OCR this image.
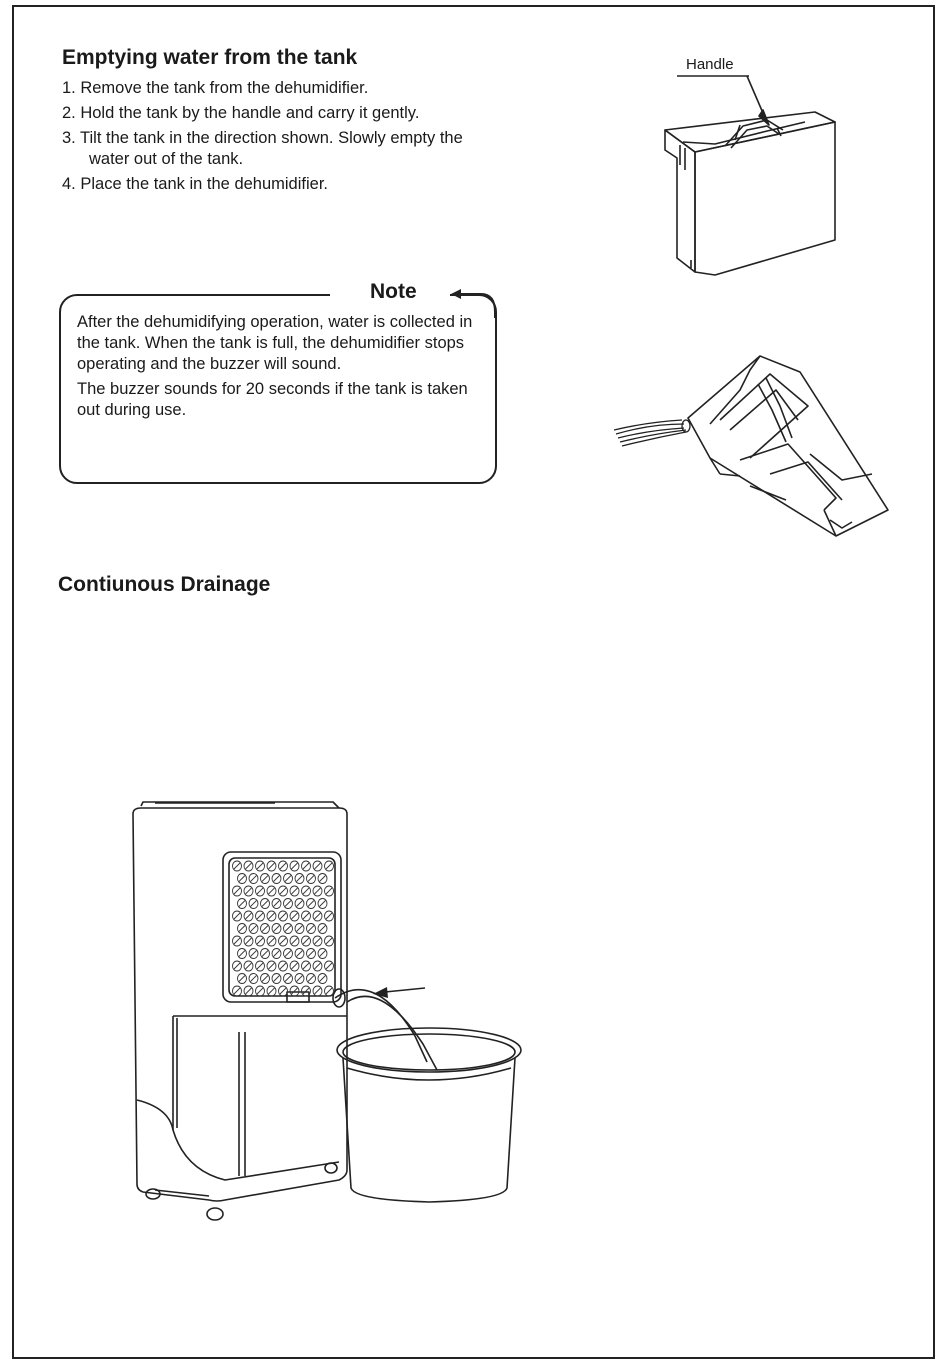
Emptying water from the tank
1. Remove the tank from the dehumidifier.
2. Hold the tank by the handle and carry it gently.
3. Tilt the tank in the direction shown. Slowly empty the
water out of the tank.
4. Place the tank in the dehumidifier.
Handle
Note

After the dehumidifying operation, water is collected in the tank. When the tank is full, the dehumidifier stops operating and the buzzer will sound.

The buzzer sounds for 20 seconds if the tank is taken out during use.

Contiunous Drainage
